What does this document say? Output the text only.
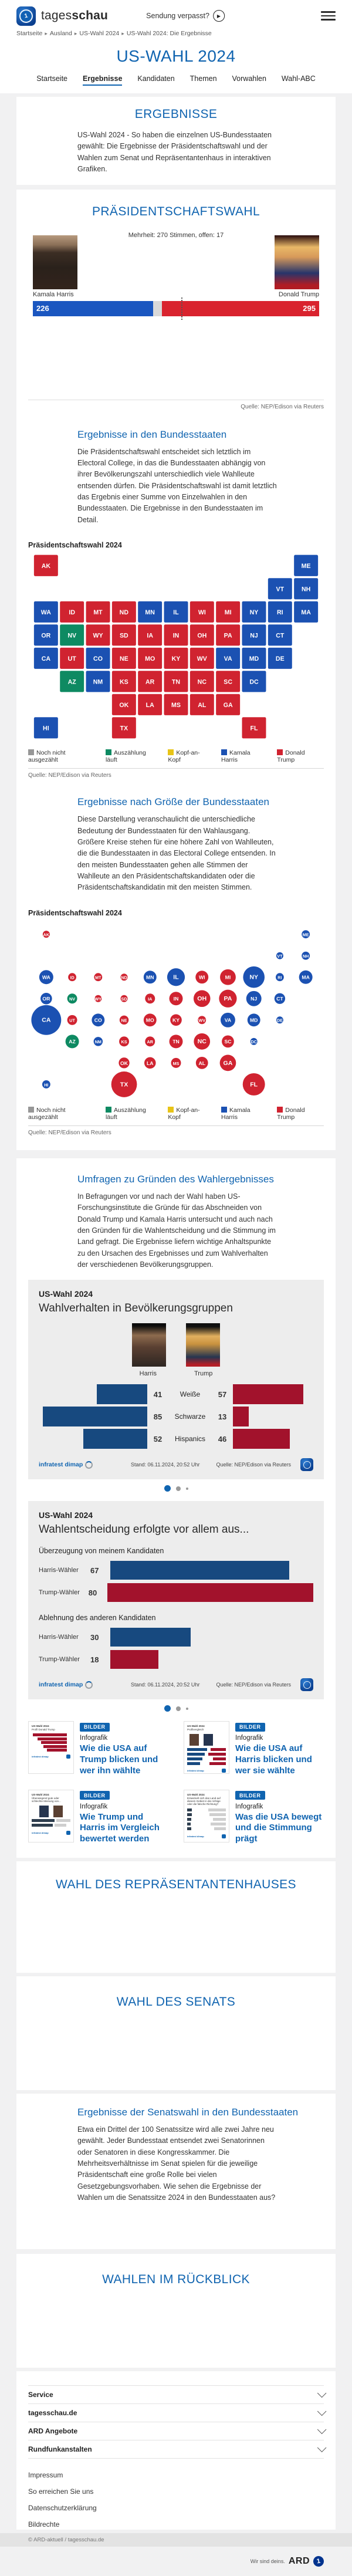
1	tagesschau	Sendung verpasst?	▶
Startseite ▸ Ausland ▸ US-Wahl 2024 ▸ US-Wahl 2024: Die Ergebnisse
US-WAHL 2024
Startseite Ergebnisse Kandidaten Themen Vorwahlen Wahl-ABC
ERGEBNISSE

US-Wahl 2024 - So haben die einzelnen US-Bundesstaaten gewählt: Die Ergebnisse der Präsidentschaftswahl und der Wahlen zum Senat und Repräsentantenhaus in interaktiven Grafiken.

PRÄSIDENTSCHAFTSWAHL
Mehrheit: 270 Stimmen, offen: 17
Kamala Harris	Donald Trump
226	295
Quelle: NEP/Edison via Reuters
Ergebnisse in den Bundesstaaten

Die Präsidentschaftswahl entscheidet sich letztlich im Electoral College, in das die Bundesstaaten abhängig von ihrer Bevölkerungszahl unterschiedlich viele Wahlleute entsenden dürfen. Die Präsidentschaftswahl ist damit letztlich das Ergebnis einer Summe von Einzelwahlen in den Bundesstaaten. Die Ergebnisse in den Bundesstaaten im Detail.

Präsidentschaftswahl 2024
AK	ME
VT	NH
WA	ID	MT	ND	MN	IL	WI	MI	NY	RI	MA
OR	NV	WY	SD	IA	IN	OH	PA	NJ	CT
CA	UT	CO	NE	MO	KY	WV	VA	MD	DE
AZ	NM	KS	AR	TN	NC	SC	DC
OK	LA	MS	AL	GA
HI	TX	FL
Noch nicht ausgezählt
Auszählung läuft
Kopf-an-Kopf
Kamala Harris
Donald Trump
Quelle: NEP/Edison via Reuters
Ergebnisse nach Größe der Bundesstaaten

Diese Darstellung veranschaulicht die unterschiedliche Bedeutung der Bundesstaaten für den Wahlausgang. Größere Kreise stehen für eine höhere Zahl von Wahlleuten, die die Bundesstaaten in das Electoral College entsenden. In den meisten Bundesstaaten gehen alle Stimmen der Wahlleute an den Präsidentschaftskandidaten oder die Präsidentschaftskandidatin mit den meisten Stimmen.

Präsidentschaftswahl 2024
AK	ME
VT	NH
WA	ID	MT	ND	MN	IL	WI	MI	NY	RI	MA
OR	NV	WY	SD	IA	IN	OH	PA	NJ	CT
CA	UT	CO	NE	MO	KY	WV	VA	MD	DE
AZ	NM	KS	AR	TN	NC	SC	DC
OK	LA	MS	AL	GA
HI	TX	FL
Noch nicht ausgezählt
Auszählung läuft
Kopf-an-Kopf
Kamala Harris
Donald Trump
Quelle: NEP/Edison via Reuters
Umfragen zu Gründen des Wahlergebnisses

In Befragungen vor und nach der Wahl haben US-Forschungsinstitute die Gründe für das Abschneiden von Donald Trump und Kamala Harris untersucht und auch nach den Gründen für die Wahlentscheidung und die Stimmung im Land gefragt. Die Ergebnisse liefern wichtige Anhaltspunkte zu den Ursachen des Ergebnisses und zum Wahlverhalten der verschiedenen Bevölkerungsgruppen.

US-Wahl 2024
Wahlverhalten in Bevölkerungsgruppen
Harris	Trump
41	Weiße	57
85	Schwarze	13
52	Hispanics	46
infratest dimap	Stand: 06.11.2024, 20:52 Uhr	Quelle: NEP/Edison via Reuters
US-Wahl 2024
Wahlentscheidung erfolgte vor allem aus...
Überzeugung von meinem Kandidaten
Harris-Wähler	67
Trump-Wähler	80
Ablehnung des anderen Kandidaten
Harris-Wähler	30
Trump-Wähler	18
infratest dimap	Stand: 06.11.2024, 20:52 Uhr	Quelle: NEP/Edison via Reuters
US-Wahl 2024
Profil Donald Trump
infratest dimap
BILDER
Infografik
Wie die USA auf Trump blicken und wer ihn wählte
US-Wahl 2024
Profilvergleich
infratest dimap
BILDER
Infografik
Wie die USA auf Harris blicken und wer sie wählte
US-Wahl 2024
Überwiegend gute oder schlechte Meinung von...
infratest dimap
BILDER
Infografik
Wie Trump und Harris im Vergleich bewertet werden
US-Wahl 2024
Entwickelt sich das Land auf diesem Gebiet in die richtige oder die falsche Richtung?
infratest dimap
BILDER
Infografik
Was die USA bewegt und die Stimmung prägt
WAHL DES REPRÄSENTANTENHAUSES
WAHL DES SENATS
Ergebnisse der Senatswahl in den Bundesstaaten

Etwa ein Drittel der 100 Senatssitze wird alle zwei Jahre neu gewählt. Jeder Bundesstaat entsendet zwei Senatorinnen oder Senatoren in diese Kongresskammer. Die Mehrheitsverhältnisse im Senat spielen für die jeweilige Präsidentschaft eine große Rolle bei vielen Gesetzgebungsvorhaben. Wie sehen die Ergebnisse der Wahlen um die Senatssitze 2024 in den Bundesstaaten aus?

WAHLEN IM RÜCKBLICK
Service
tagesschau.de
ARD Angebote
Rundfunkanstalten
Impressum
So erreichen Sie uns
Datenschutzerklärung
Bildrechte
Wir sind deins. ARD 1
© ARD-aktuell / tagesschau.de
